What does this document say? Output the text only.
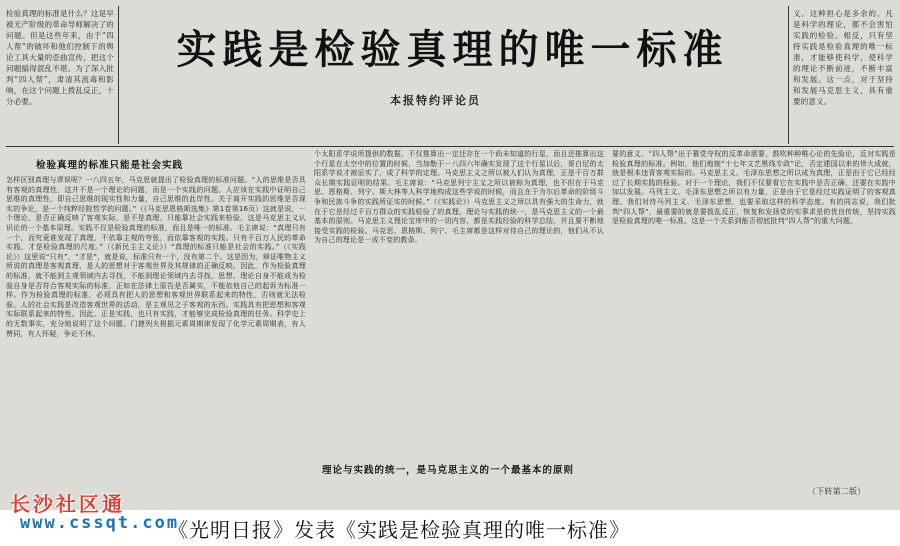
检验真理的标准是什么？这是早被无产阶级的革命导师解决了的问题。但是这些年来，由于“四人帮”的破坏和他们控制下的舆论工具大量的歪曲宣传，把这个问题搞得混乱不堪。为了深入批判“四人帮”，肃清其流毒和影响，在这个问题上拨乱反正，十分必要。

实践是检验真理的唯一标准
本报特约评论员

义。这种担心是多余的。凡是科学的理论，都不会害怕实践的检验。相反，只有坚持实践是检验真理的唯一标准，才能够使科学，使科学的理论不断前进，不断丰富和发展。这一点，对于坚持和发展马克思主义，具有重要的意义。

检验真理的标准只能是社会实践

怎样区别真理与谬误呢？一八四五年，马克思就提出了检验真理的标准问题。“人的思维是否具有客观的真理性，这并不是一个理论的问题，而是一个实践的问题。人应该在实践中证明自己思维的真理性，即自己思维的现实性和力量，自己思维的此岸性。关于离开实践的思维是否现实的争论，是一个纯粹经院哲学的问题。”（《马克思恩格斯选集》第1卷第16页）这就是说，一个理论，是否正确反映了客观实际，是不是真理，只能靠社会实践来检验。这是马克思主义认识论的一个基本原理。实践不仅是检验真理的标准，而且是唯一的标准。毛主席说：“真理只有一个，而究竟谁发现了真理，不依靠主观的夸张，而依靠客观的实践。只有千百万人民的革命实践，才是检验真理的尺度。”（《新民主主义论》）“真理的标准只能是社会的实践。”（《实践论》）这里说“只有”，“才是”，就是说，标准只有一个，没有第二个。这是因为，辩证唯物主义所说的真理是客观真理，是人的思想对于客观世界及其规律的正确反映。因此，作为检验真理的标准，就不能到主观领域内去寻找，不能到理论领域内去寻找，思想、理论自身不能成为检验自身是否符合客观实际的标准，正如在法律上原告是否属实，不能依他自己的起诉为标准一样。作为检验真理的标准，必须具有把人的思想和客观世界联系起来的特性，否则就无法检验。人的社会实践是改造客观世界的活动，是主观见之于客观的东西。实践具有把思想和客观实际联系起来的特性。因此，正是实践，也只有实践，才能够完成检验真理的任务。科学史上的无数事实，充分地说明了这个问题。门捷列夫根据元素周期律发现了化学元素周期表，有人赞同，有人怀疑，争论不休。

个太阳系学说所提供的数据，不仅推算出一定还存在一个尚未知道的行星，而且还推算出这个行星在太空中的位置的时候，当加勒于一八四六年确实发现了这个行星以后，哥白尼的太阳系学说才被证实了，成了科学的定理。马克思主义之所以被人们认为真理，正是千百万群众长期实践证明的结果。毛主席说：“马克思列宁主义之所以被称为真理，也不但在于马克思、恩格斯、列宁、斯大林等人科学地构成这些学说的时候，而且在于为尔后革命的阶级斗争和民族斗争的实践所证实的时候。”（《实践论》）马克思主义之所以具有强大的生命力，就在于它是经过千百万群众的实践检验了的真理。理论与实践的统一，是马克思主义的一个最基本的原则。马克思主义理论宝库中的一切内容，都是实践经验的科学总结，并且要不断地接受实践的检验。马克思、恩格斯、列宁、毛主席都是这样对待自己的理论的，他们从不认为自己的理论是一成不变的教条。

理论与实践的统一，是马克思主义的一个最基本的原则

要的意义。“四人帮”出于篡党夺权的反革命需要，鼓吹种种唯心论的先验论，反对实践是检验真理的标准。例如，他们炮制“十七年文艺黑线专政”论，否定建国以来的伟大成就，就是根本违背客观实际的。马克思主义、毛泽东思想之所以成为真理，正是由于它已经经过了长期实践的检验。对于一个理论，我们不仅要看它在实践中是否正确，还要在实践中加以发展。马列主义、毛泽东思想之所以有力量，正是由于它是经过实践证明了的客观真理。我们对待马列主义、毛泽东思想，也要采取这样的科学态度。有的同志说，我们批判“四人帮”，最重要的就是要拨乱反正，恢复和发扬党的实事求是的优良传统，坚持实践是检验真理的唯一标准。这是一个关系到能否彻底批判“四人帮”的重大问题。

（下转第二版）
长沙社区通
www.cssqt.com
《光明日报》发表《实践是检验真理的唯一标准》
